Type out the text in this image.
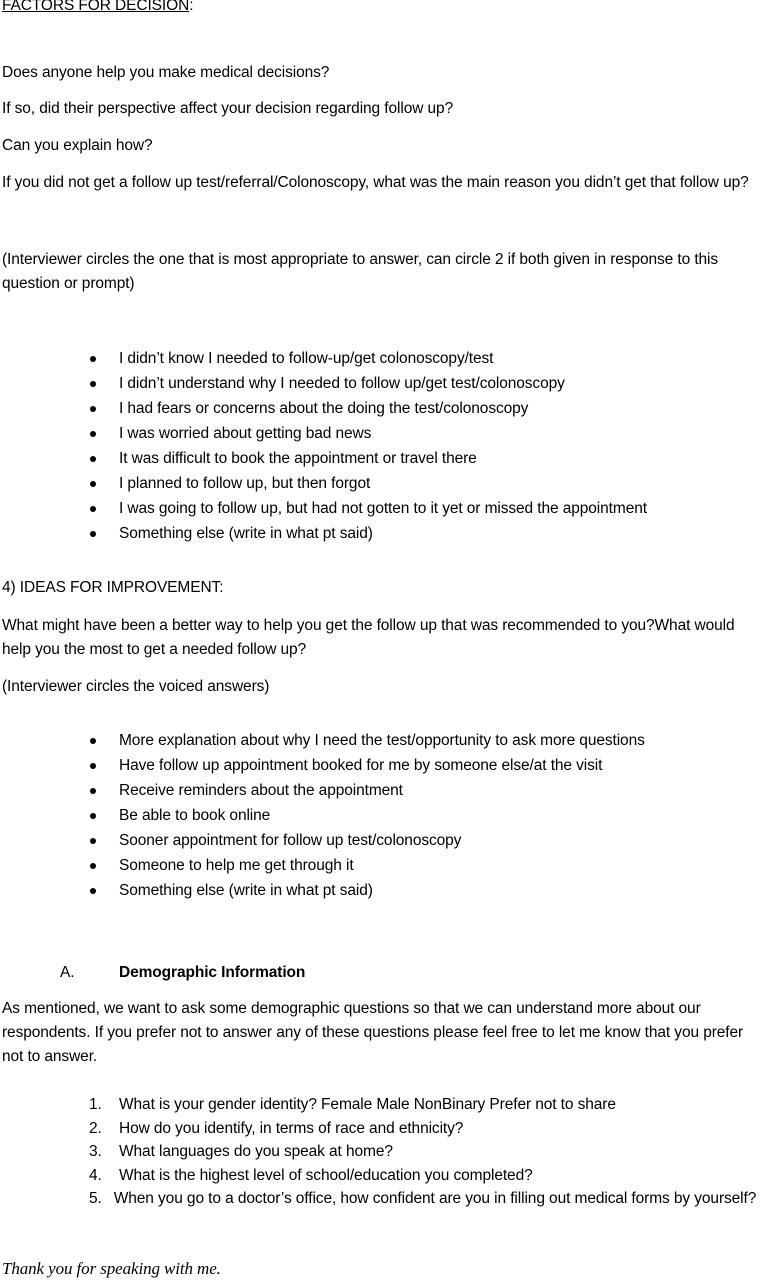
FACTORS FOR DECISION:

Does anyone help you make medical decisions?

If so, did their perspective affect your decision regarding follow up?

Can you explain how?

If you did not get a follow up test/referral/Colonoscopy, what was the main reason you didn’t get that follow up?

(Interviewer circles the one that is most appropriate to answer, can circle 2 if both given in response to this question or prompt)

I didn’t know I needed to follow-up/get colonoscopy/test
I didn’t understand why I needed to follow up/get test/colonoscopy
I had fears or concerns about the doing the test/colonoscopy
I was worried about getting bad news
It was difficult to book the appointment or travel there
I planned to follow up, but then forgot
I was going to follow up, but had not gotten to it yet or missed the appointment
Something else (write in what pt said)

4) IDEAS FOR IMPROVEMENT:

What might have been a better way to help you get the follow up that was recommended to you?What would help you the most to get a needed follow up?

(Interviewer circles the voiced answers)

More explanation about why I need the test/opportunity to ask more questions
Have follow up appointment booked for me by someone else/at the visit
Receive reminders about the appointment
Be able to book online
Sooner appointment for follow up test/colonoscopy
Someone to help me get through it
Something else (write in what pt said)
A.	Demographic Information

As mentioned, we want to ask some demographic questions so that we can understand more about our respondents. If you prefer not to answer any of these questions please feel free to let me know that you prefer not to answer.

1. What is your gender identity? Female Male NonBinary Prefer not to share
2. How do you identify, in terms of race and ethnicity?
3. What languages do you speak at home?
4. What is the highest level of school/education you completed?
5. When you go to a doctor’s office, how confident are you in filling out medical forms by yourself?
Thank you for speaking with me.
